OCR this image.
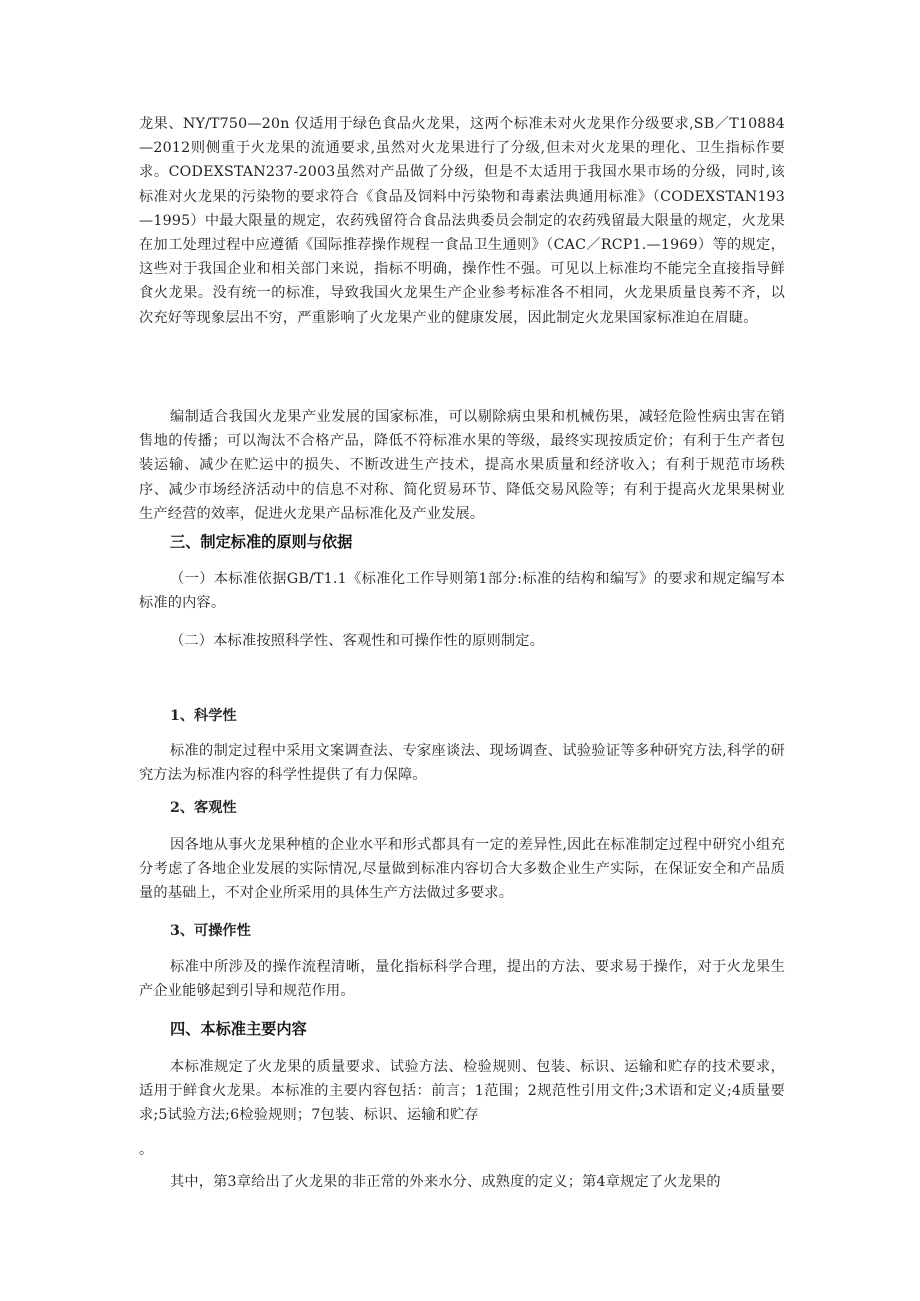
龙果、NY/T750—20n 仅适用于绿色食品火龙果，这两个标准未对火龙果作分级要求,SB／T10884—2012则侧重于火龙果的流通要求,虽然对火龙果进行了分级,但未对火龙果的理化、卫生指标作要求。CODEXSTAN237-2003虽然对产品做了分级，但是不太适用于我国水果市场的分级，同时,该标准对火龙果的污染物的要求符合《食品及饲料中污染物和毒素法典通用标准》（CODEXSTAN193—1995）中最大限量的规定，农药残留符合食品法典委员会制定的农药残留最大限量的规定，火龙果在加工处理过程中应遵循《国际推荐操作规程一食品卫生通则》（CAC／RCP1.—1969）等的规定，这些对于我国企业和相关部门来说，指标不明确，操作性不强。可见以上标准均不能完全直接指导鲜食火龙果。没有统一的标准，导致我国火龙果生产企业参考标准各不相同，火龙果质量良莠不齐，以次充好等现象层出不穷，严重影响了火龙果产业的健康发展，因此制定火龙果国家标准迫在眉睫。

编制适合我国火龙果产业发展的国家标准，可以剔除病虫果和机械伤果，减轻危险性病虫害在销售地的传播；可以淘汰不合格产品，降低不符标准水果的等级，最终实现按质定价；有利于生产者包装运输、减少在贮运中的损失、不断改进生产技术，提高水果质量和经济收入；有利于规范市场秩序、减少市场经济活动中的信息不对称、简化贸易环节、降低交易风险等；有利于提高火龙果果树业生产经营的效率，促进火龙果产品标准化及产业发展。

三、制定标准的原则与依据

（一）本标准依据GB/T1.1《标准化工作导则第1部分:标准的结构和编写》的要求和规定编写本标准的内容。

（二）本标准按照科学性、客观性和可操作性的原则制定。

1、科学性

标准的制定过程中采用文案调查法、专家座谈法、现场调查、试验验证等多种研究方法,科学的研究方法为标准内容的科学性提供了有力保障。

2、客观性

因各地从事火龙果种植的企业水平和形式都具有一定的差异性,因此在标准制定过程中研究小组充分考虑了各地企业发展的实际情况,尽量做到标准内容切合大多数企业生产实际，在保证安全和产品质量的基础上，不对企业所采用的具体生产方法做过多要求。

3、可操作性

标准中所涉及的操作流程清晰，量化指标科学合理，提出的方法、要求易于操作，对于火龙果生产企业能够起到引导和规范作用。

四、本标准主要内容

本标准规定了火龙果的质量要求、试验方法、检验规则、包装、标识、运输和贮存的技术要求，适用于鲜食火龙果。本标准的主要内容包括：前言；1范围；2规范性引用文件;3术语和定义;4质量要求;5试验方法;6检验规则；7包装、标识、运输和贮存

。

其中，第3章给出了火龙果的非正常的外来水分、成熟度的定义；第4章规定了火龙果的
